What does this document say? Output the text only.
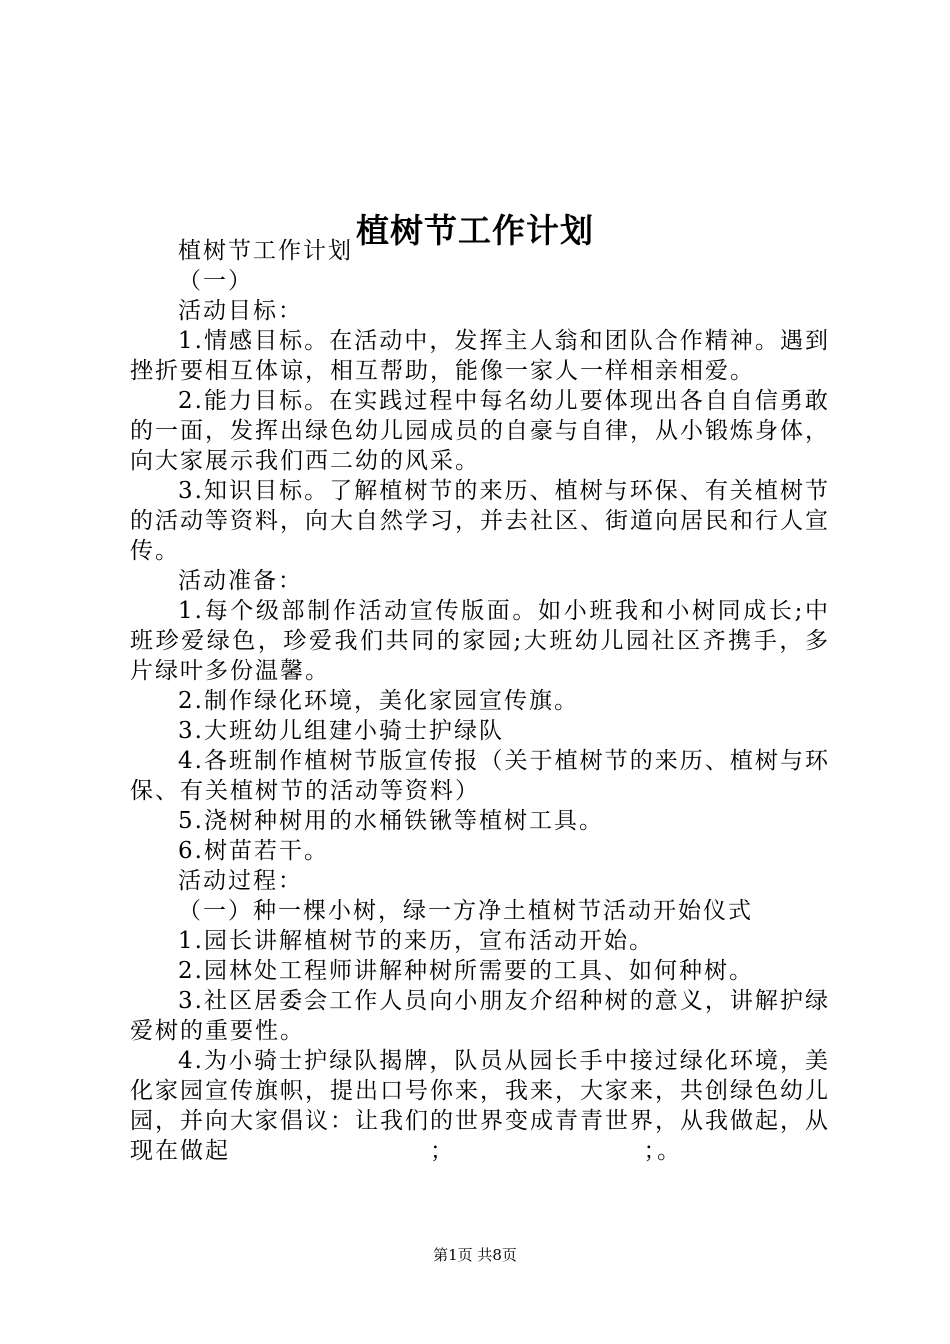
植树节工作计划

植树节工作计划

（一）

活动目标：

1.情感目标。在活动中，发挥主人翁和团队合作精神。遇到挫折要相互体谅，相互帮助，能像一家人一样相亲相爱。

2.能力目标。在实践过程中每名幼儿要体现出各自自信勇敢的一面，发挥出绿色幼儿园成员的自豪与自律，从小锻炼身体，向大家展示我们西二幼的风采。

3.知识目标。了解植树节的来历、植树与环保、有关植树节的活动等资料，向大自然学习，并去社区、街道向居民和行人宣传。

活动准备：

1.每个级部制作活动宣传版面。如小班我和小树同成长;中班珍爱绿色，珍爱我们共同的家园;大班幼儿园社区齐携手，多片绿叶多份温馨。

2.制作绿化环境，美化家园宣传旗。

3.大班幼儿组建小骑士护绿队

4.各班制作植树节版宣传报（关于植树节的来历、植树与环保、有关植树节的活动等资料）

5.浇树种树用的水桶铁锹等植树工具。

6.树苗若干。

活动过程：

（一）种一棵小树，绿一方净土植树节活动开始仪式

1.园长讲解植树节的来历，宣布活动开始。

2.园林处工程师讲解种树所需要的工具、如何种树。

3.社区居委会工作人员向小朋友介绍种树的意义，讲解护绿爱树的重要性。

4.为小骑士护绿队揭牌，队员从园长手中接过绿化环境，美化家园宣传旗帜，提出口号你来，我来，大家来，共创绿色幼儿园，并向大家倡议：让我们的世界变成青青世界，从我做起，从现在做起　　　　　　　　；　　　　　　　　；。

第1页 共8页
